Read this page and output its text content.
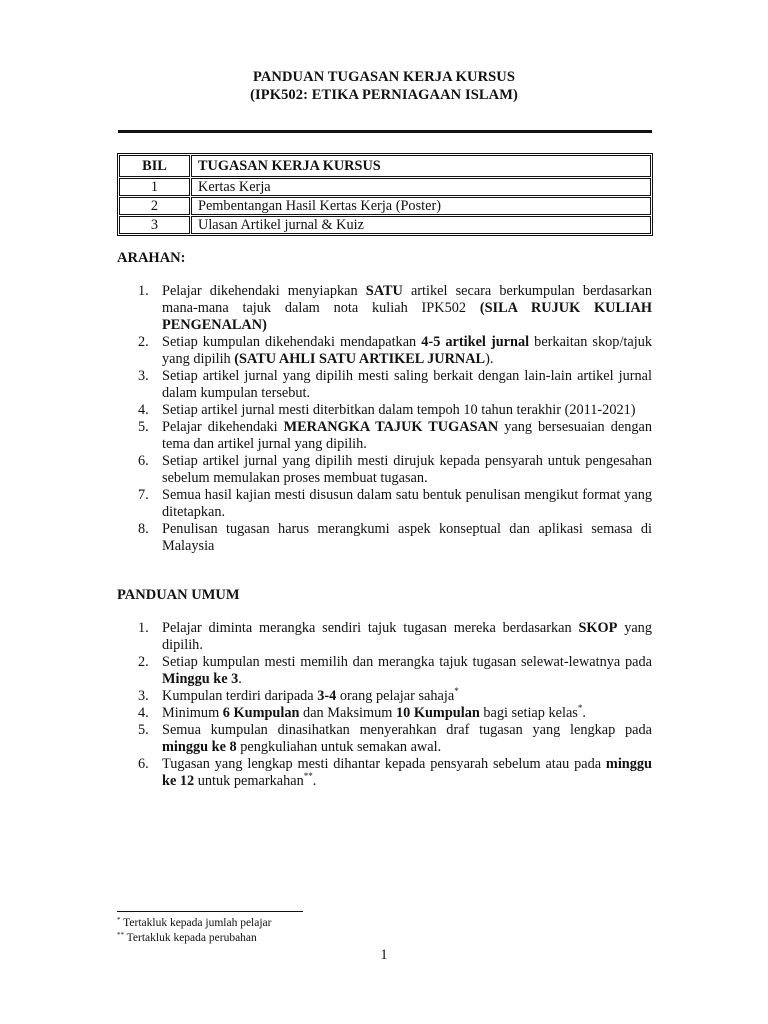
PANDUAN TUGASAN KERJA KURSUS
(IPK502: ETIKA PERNIAGAAN ISLAM)
BIL	TUGASAN KERJA KURSUS
1	Kertas Kerja
2	Pembentangan Hasil Kertas Kerja (Poster)
3	Ulasan Artikel jurnal & Kuiz
ARAHAN:
1. Pelajar dikehendaki menyiapkan SATU artikel secara berkumpulan berdasarkan mana-mana tajuk dalam nota kuliah IPK502 (SILA RUJUK KULIAH PENGENALAN)
2. Setiap kumpulan dikehendaki mendapatkan 4-5 artikel jurnal berkaitan skop/tajuk yang dipilih (SATU AHLI SATU ARTIKEL JURNAL).
3. Setiap artikel jurnal yang dipilih mesti saling berkait dengan lain-lain artikel jurnal dalam kumpulan tersebut.
4. Setiap artikel jurnal mesti diterbitkan dalam tempoh 10 tahun terakhir (2011-2021)
5. Pelajar dikehendaki MERANGKA TAJUK TUGASAN yang bersesuaian dengan tema dan artikel jurnal yang dipilih.
6. Setiap artikel jurnal yang dipilih mesti dirujuk kepada pensyarah untuk pengesahan sebelum memulakan proses membuat tugasan.
7. Semua hasil kajian mesti disusun dalam satu bentuk penulisan mengikut format yang ditetapkan.
8. Penulisan tugasan harus merangkumi aspek konseptual dan aplikasi semasa di Malaysia
PANDUAN UMUM
1. Pelajar diminta merangka sendiri tajuk tugasan mereka berdasarkan SKOP yang dipilih.
2. Setiap kumpulan mesti memilih dan merangka tajuk tugasan selewat-lewatnya pada Minggu ke 3.
3. Kumpulan terdiri daripada 3-4 orang pelajar sahaja*
4. Minimum 6 Kumpulan dan Maksimum 10 Kumpulan bagi setiap kelas*.
5. Semua kumpulan dinasihatkan menyerahkan draf tugasan yang lengkap pada minggu ke 8 pengkuliahan untuk semakan awal.
6. Tugasan yang lengkap mesti dihantar kepada pensyarah sebelum atau pada minggu ke 12 untuk pemarkahan**.
* Tertakluk kepada jumlah pelajar
** Tertakluk kepada perubahan
1
